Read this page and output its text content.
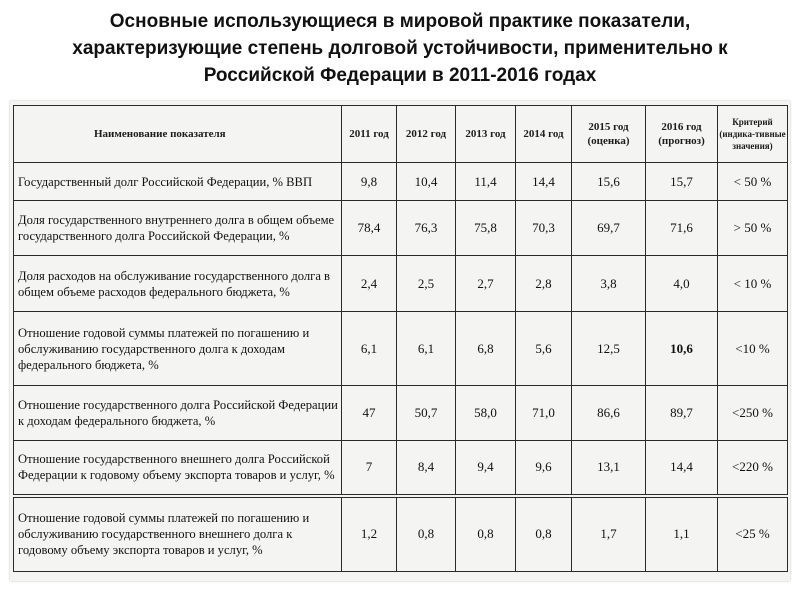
Основные использующиеся в мировой практике показатели,
характеризующие степень долговой устойчивости, применительно к
Российской Федерации в 2011-2016 годах
Наименование показателя	2011 год	2012 год	2013 год	2014 год	2015 год (оценка)	2016 год (прогноз)	Критерий (индика-тивные значения)
Государственный долг Российской Федерации, % ВВП	9,8	10,4	11,4	14,4	15,6	15,7	< 50 %
Доля государственного внутреннего долга в общем объеме государственного долга Российской Федерации, %	78,4	76,3	75,8	70,3	69,7	71,6	> 50 %
Доля расходов на обслуживание государственного долга в общем объеме расходов федерального бюджета, %	2,4	2,5	2,7	2,8	3,8	4,0	< 10 %
Отношение годовой суммы платежей по погашению и обслуживанию государственного долга к доходам федерального бюджета, %	6,1	6,1	6,8	5,6	12,5	10,6	<10 %
Отношение государственного долга Российской Федерации к доходам федерального бюджета, %	47	50,7	58,0	71,0	86,6	89,7	<250 %
Отношение государственного внешнего долга Российской Федерации к годовому объему экспорта товаров и услуг, %	7	8,4	9,4	9,6	13,1	14,4	<220 %
Отношение годовой суммы платежей по погашению и обслуживанию государственного внешнего долга к годовому объему экспорта товаров и услуг, %	1,2	0,8	0,8	0,8	1,7	1,1	<25 %
